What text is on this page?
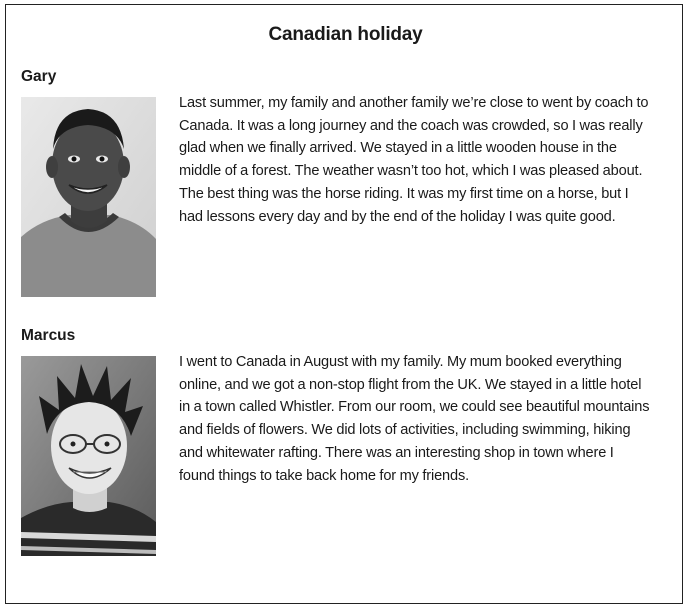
Canadian holiday
Gary
Last summer, my family and another family we’re close to went by coach to
Canada. It was a long journey and the coach was crowded, so I was really
glad when we finally arrived. We stayed in a little wooden house in the
middle of a forest. The weather wasn’t too hot, which I was pleased about.
The best thing was the horse riding. It was my first time on a horse, but I
had lessons every day and by the end of the holiday I was quite good.
Marcus
I went to Canada in August with my family. My mum booked everything
online, and we got a non-stop flight from the UK. We stayed in a little hotel
in a town called Whistler. From our room, we could see beautiful mountains
and fields of flowers. We did lots of activities, including swimming, hiking
and whitewater rafting. There was an interesting shop in town where I
found things to take back home for my friends.
